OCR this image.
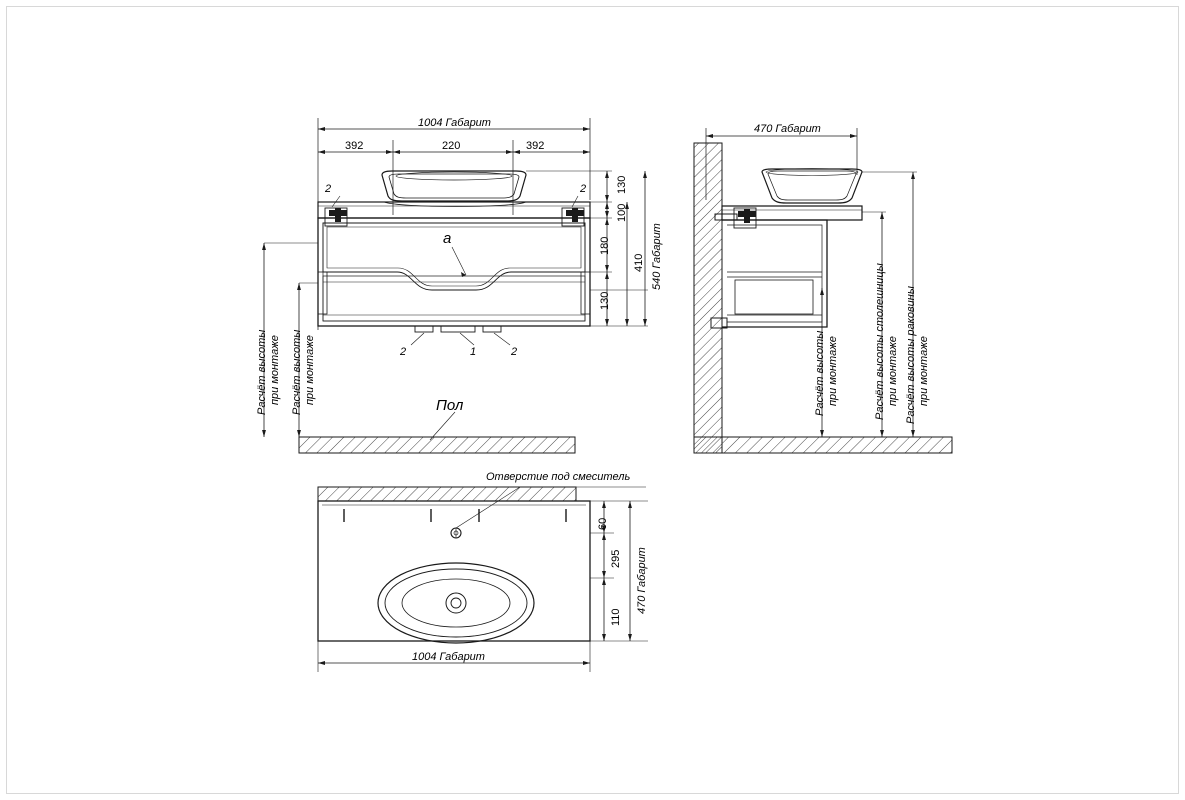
1004 Габарит
392	220	392
2	2
а
2	1	2
130
100
180
130
410 540 Габарит
Расчёт высоты при монтаже Расчёт высоты при монтаже
Пол
470 Габарит
Расчёт высоты при монтаже	Расчёт высоты столешницы при монтаже Расчёт высоты раковины при монтаже
Отверстие под смеситель
60
295
110
470 Габарит
1004 Габарит
